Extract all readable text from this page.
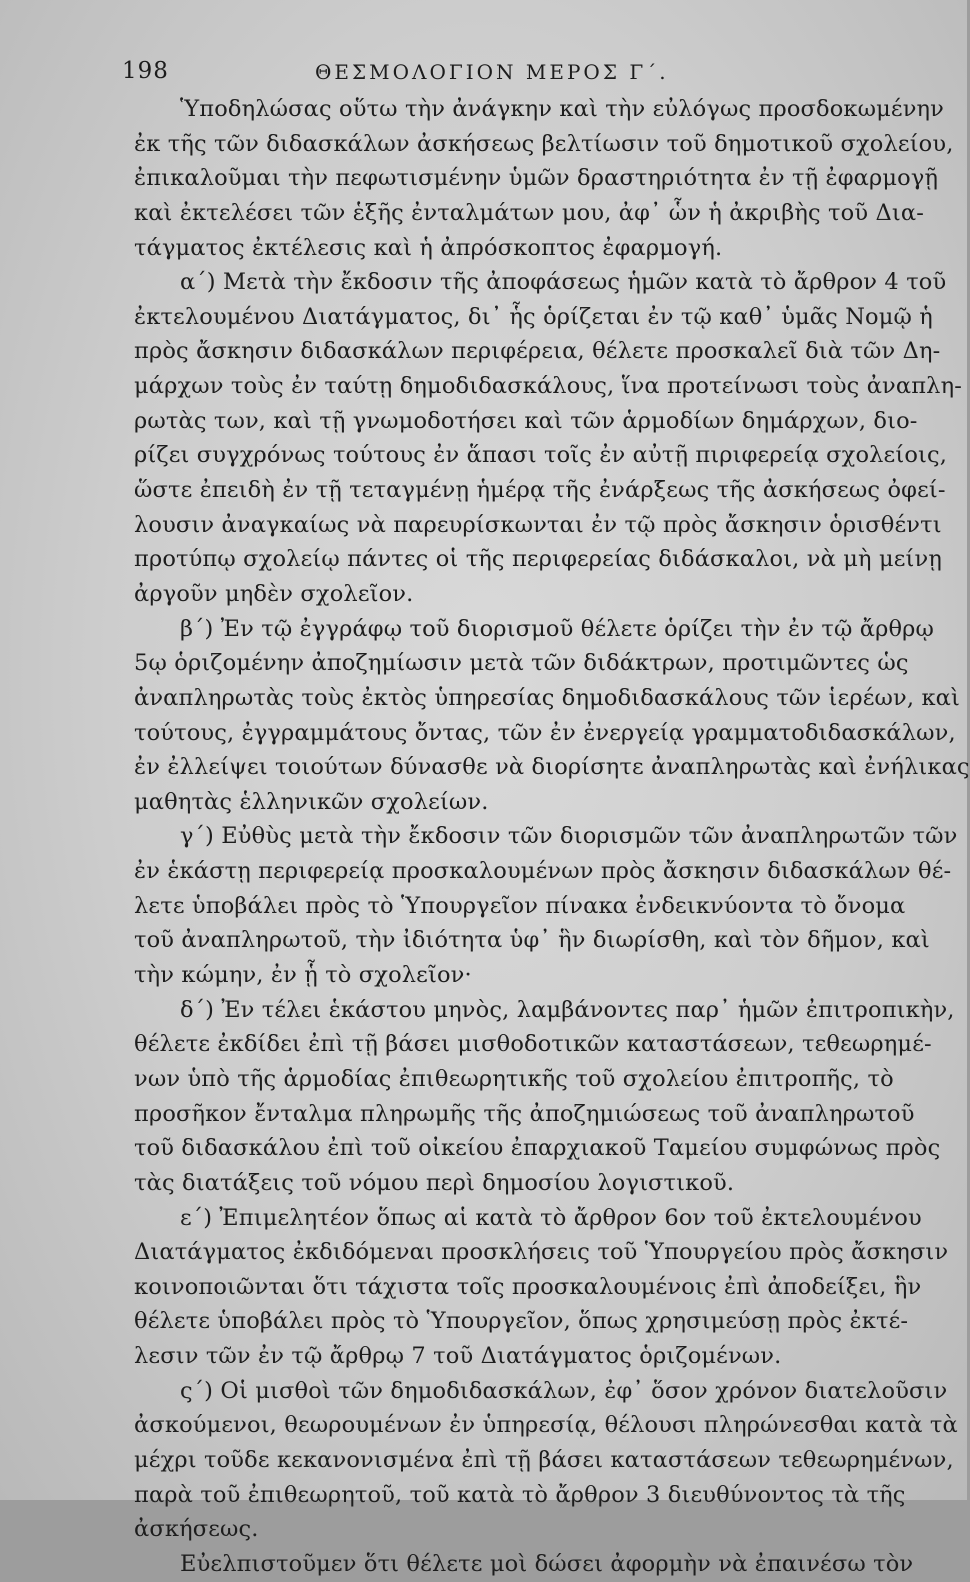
198	ΘΕΣΜΟΛΟΓΙΟΝ ΜΕΡΟΣ Γ΄.
Ὑποδηλώσας οὕτω τὴν ἀνάγκην καὶ τὴν εὐλόγως προσδοκωμένην
ἐκ τῆς τῶν διδασκάλων ἀσκήσεως βελτίωσιν τοῦ δημοτικοῦ σχολείου,
ἐπικαλοῦμαι τὴν πεφωτισμένην ὑμῶν δραστηριότητα ἐν τῇ ἐφαρμογῇ
καὶ ἐκτελέσει τῶν ἑξῆς ἐνταλμάτων μου, ἀφ᾽ ὧν ἡ ἀκριβὴς τοῦ Δια-
τάγματος ἐκτέλεσις καὶ ἡ ἀπρόσκοπτος ἐφαρμογή.
α΄) Μετὰ τὴν ἔκδοσιν τῆς ἀποφάσεως ἡμῶν κατὰ τὸ ἄρθρον 4 τοῦ
ἐκτελουμένου Διατάγματος, δι᾽ ἧς ὁρίζεται ἐν τῷ καθ᾽ ὑμᾶς Νομῷ ἡ
πρὸς ἄσκησιν διδασκάλων περιφέρεια, θέλετε προσκαλεῖ διὰ τῶν Δη-
μάρχων τοὺς ἐν ταύτῃ δημοδιδασκάλους, ἵνα προτείνωσι τοὺς ἀναπλη-
ρωτὰς των, καὶ τῇ γνωμοδοτήσει καὶ τῶν ἁρμοδίων δημάρχων, διο-
ρίζει συγχρόνως τούτους ἐν ἅπασι τοῖς ἐν αὐτῇ πιριφερείᾳ σχολείοις,
ὥστε ἐπειδὴ ἐν τῇ τεταγμένῃ ἡμέρᾳ τῆς ἐνάρξεως τῆς ἀσκήσεως ὀφεί-
λουσιν ἀναγκαίως νὰ παρευρίσκωνται ἐν τῷ πρὸς ἄσκησιν ὁρισθέντι
προτύπῳ σχολείῳ πάντες οἱ τῆς περιφερείας διδάσκαλοι, νὰ μὴ μείνῃ
ἀργοῦν μηδὲν σχολεῖον.
β΄) Ἐν τῷ ἐγγράφῳ τοῦ διορισμοῦ θέλετε ὁρίζει τὴν ἐν τῷ ἄρθρῳ
5ῳ ὁριζομένην ἀποζημίωσιν μετὰ τῶν διδάκτρων, προτιμῶντες ὡς
ἀναπληρωτὰς τοὺς ἐκτὸς ὑπηρεσίας δημοδιδασκάλους τῶν ἱερέων, καὶ
τούτους, ἐγγραμμάτους ὄντας, τῶν ἐν ἐνεργείᾳ γραμματοδιδασκάλων,
ἐν ἐλλείψει τοιούτων δύνασθε νὰ διορίσητε ἀναπληρωτὰς καὶ ἐνήλικας
μαθητὰς ἑλληνικῶν σχολείων.
γ΄) Εὐθὺς μετὰ τὴν ἔκδοσιν τῶν διορισμῶν τῶν ἀναπληρωτῶν τῶν
ἐν ἑκάστῃ περιφερείᾳ προσκαλουμένων πρὸς ἄσκησιν διδασκάλων θέ-
λετε ὑποβάλει πρὸς τὸ Ὑπουργεῖον πίνακα ἐνδεικνύοντα τὸ ὄνομα
τοῦ ἀναπληρωτοῦ, τὴν ἰδιότητα ὑφ᾽ ἣν διωρίσθη, καὶ τὸν δῆμον, καὶ
τὴν κώμην, ἐν ᾗ τὸ σχολεῖον·
δ΄) Ἐν τέλει ἑκάστου μηνὸς, λαμβάνοντες παρ᾽ ἡμῶν ἐπιτροπικὴν,
θέλετε ἐκδίδει ἐπὶ τῇ βάσει μισθοδοτικῶν καταστάσεων, τεθεωρημέ-
νων ὑπὸ τῆς ἁρμοδίας ἐπιθεωρητικῆς τοῦ σχολείου ἐπιτροπῆς, τὸ
προσῆκον ἔνταλμα πληρωμῆς τῆς ἀποζημιώσεως τοῦ ἀναπληρωτοῦ
τοῦ διδασκάλου ἐπὶ τοῦ οἰκείου ἐπαρχιακοῦ Ταμείου συμφώνως πρὸς
τὰς διατάξεις τοῦ νόμου περὶ δημοσίου λογιστικοῦ.
ε΄) Ἐπιμελητέον ὅπως αἱ κατὰ τὸ ἄρθρον 6ον τοῦ ἐκτελουμένου
Διατάγματος ἐκδιδόμεναι προσκλήσεις τοῦ Ὑπουργείου πρὸς ἄσκησιν
κοινοποιῶνται ὅτι τάχιστα τοῖς προσκαλουμένοις ἐπὶ ἀποδείξει, ἣν
θέλετε ὑποβάλει πρὸς τὸ Ὑπουργεῖον, ὅπως χρησιμεύσῃ πρὸς ἐκτέ-
λεσιν τῶν ἐν τῷ ἄρθρῳ 7 τοῦ Διατάγματος ὁριζομένων.
ς΄) Οἱ μισθοὶ τῶν δημοδιδασκάλων, ἐφ᾽ ὅσον χρόνον διατελοῦσιν
ἀσκούμενοι, θεωρουμένων ἐν ὑπηρεσίᾳ, θέλουσι πληρώνεσθαι κατὰ τὰ
μέχρι τοῦδε κεκανονισμένα ἐπὶ τῇ βάσει καταστάσεων τεθεωρημένων,
παρὰ τοῦ ἐπιθεωρητοῦ, τοῦ κατὰ τὸ ἄρθρον 3 διευθύνοντος τὰ τῆς
ἀσκήσεως.
Εὐελπιστοῦμεν ὅτι θέλετε μοὶ δώσει ἀφορμὴν νὰ ἐπαινέσω τὸν
